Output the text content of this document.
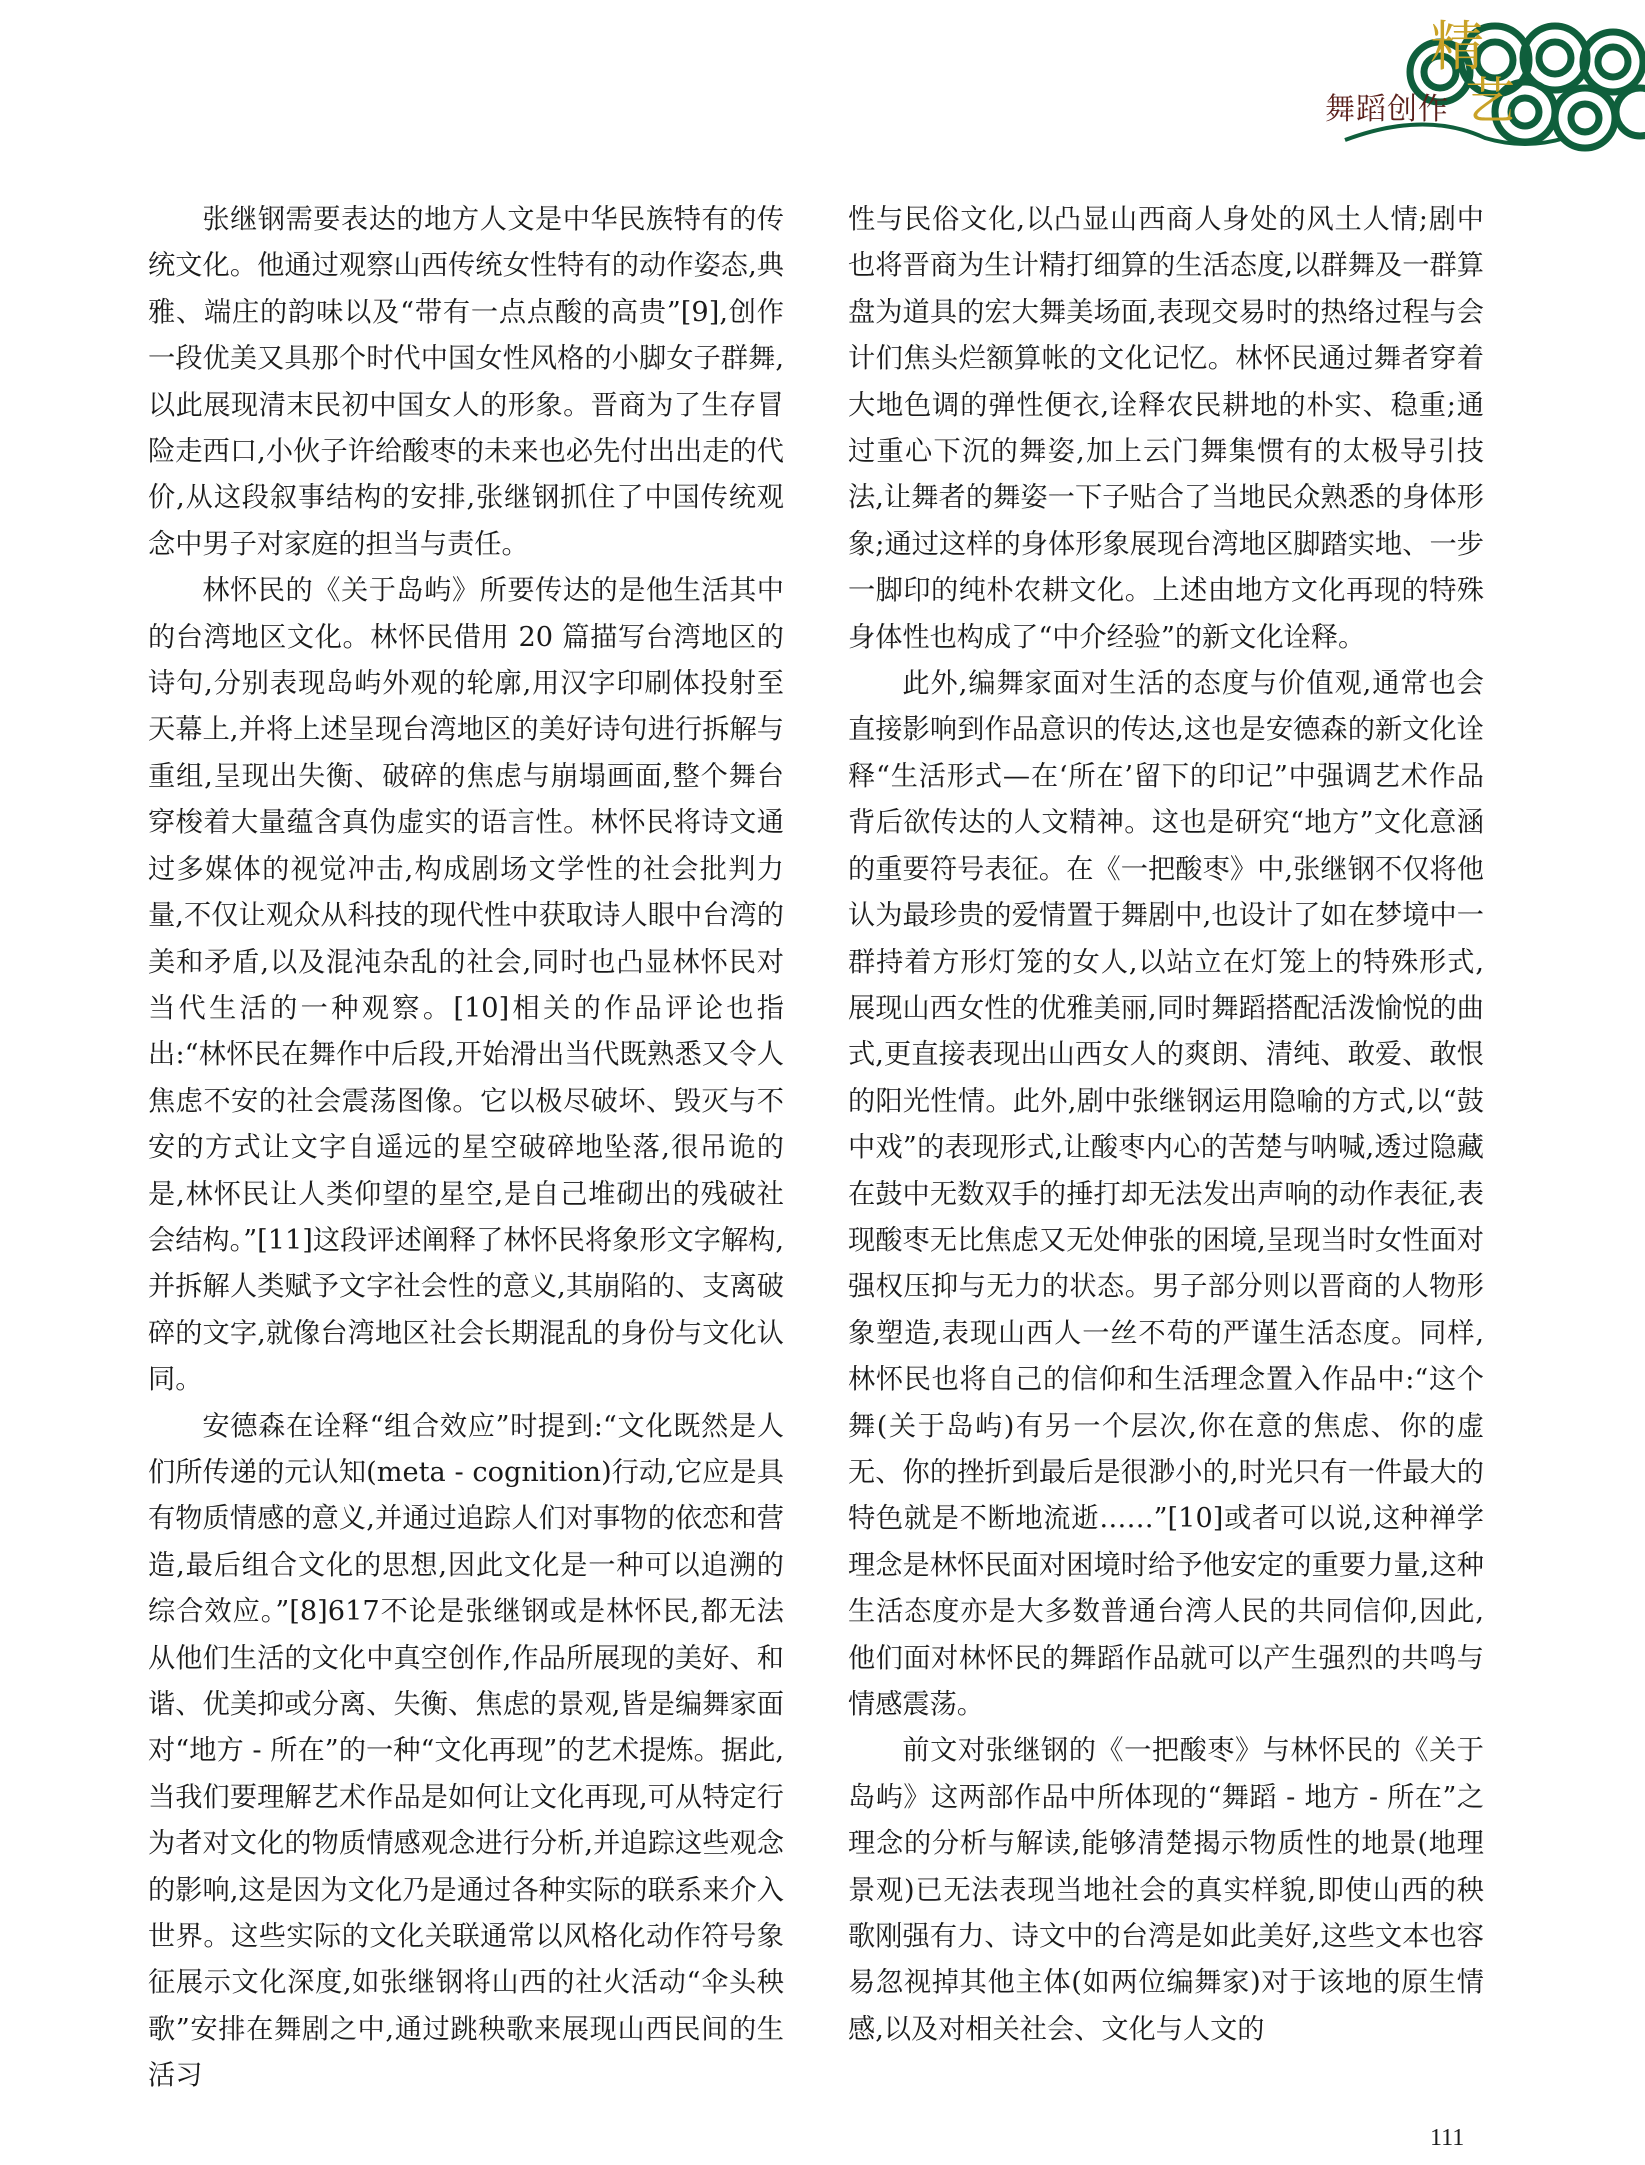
精
艺
舞蹈创作

张继钢需要表达的地方人文是中华民族特有的传统文化。他通过观察山西传统女性特有的动作姿态,典雅、端庄的韵味以及“带有一点点酸的高贵”[9],创作一段优美又具那个时代中国女性风格的小脚女子群舞,以此展现清末民初中国女人的形象。晋商为了生存冒险走西口,小伙子许给酸枣的未来也必先付出出走的代价,从这段叙事结构的安排,张继钢抓住了中国传统观念中男子对家庭的担当与责任。

林怀民的《关于岛屿》所要传达的是他生活其中的台湾地区文化。林怀民借用 20 篇描写台湾地区的诗句,分别表现岛屿外观的轮廓,用汉字印刷体投射至天幕上,并将上述呈现台湾地区的美好诗句进行拆解与重组,呈现出失衡、破碎的焦虑与崩塌画面,整个舞台穿梭着大量蕴含真伪虚实的语言性。林怀民将诗文通过多媒体的视觉冲击,构成剧场文学性的社会批判力量,不仅让观众从科技的现代性中获取诗人眼中台湾的美和矛盾,以及混沌杂乱的社会,同时也凸显林怀民对当代生活的一种观察。[10]相关的作品评论也指出:“林怀民在舞作中后段,开始滑出当代既熟悉又令人焦虑不安的社会震荡图像。它以极尽破坏、毁灭与不安的方式让文字自遥远的星空破碎地坠落,很吊诡的是,林怀民让人类仰望的星空,是自己堆砌出的残破社会结构。”[11]这段评述阐释了林怀民将象形文字解构,并拆解人类赋予文字社会性的意义,其崩陷的、支离破碎的文字,就像台湾地区社会长期混乱的身份与文化认同。

安德森在诠释“组合效应”时提到:“文化既然是人们所传递的元认知(meta - cognition)行动,它应是具有物质情感的意义,并通过追踪人们对事物的依恋和营造,最后组合文化的思想,因此文化是一种可以追溯的综合效应。”[8]617不论是张继钢或是林怀民,都无法从他们生活的文化中真空创作,作品所展现的美好、和谐、优美抑或分离、失衡、焦虑的景观,皆是编舞家面对“地方 - 所在”的一种“文化再现”的艺术提炼。据此,当我们要理解艺术作品是如何让文化再现,可从特定行为者对文化的物质情感观念进行分析,并追踪这些观念的影响,这是因为文化乃是通过各种实际的联系来介入世界。这些实际的文化关联通常以风格化动作符号象征展示文化深度,如张继钢将山西的社火活动“伞头秧歌”安排在舞剧之中,通过跳秧歌来展现山西民间的生活习

性与民俗文化,以凸显山西商人身处的风土人情;剧中也将晋商为生计精打细算的生活态度,以群舞及一群算盘为道具的宏大舞美场面,表现交易时的热络过程与会计们焦头烂额算帐的文化记忆。林怀民通过舞者穿着大地色调的弹性便衣,诠释农民耕地的朴实、稳重;通过重心下沉的舞姿,加上云门舞集惯有的太极导引技法,让舞者的舞姿一下子贴合了当地民众熟悉的身体形象;通过这样的身体形象展现台湾地区脚踏实地、一步一脚印的纯朴农耕文化。上述由地方文化再现的特殊身体性也构成了“中介经验”的新文化诠释。

此外,编舞家面对生活的态度与价值观,通常也会直接影响到作品意识的传达,这也是安德森的新文化诠释“生活形式—在‘所在’留下的印记”中强调艺术作品背后欲传达的人文精神。这也是研究“地方”文化意涵的重要符号表征。在《一把酸枣》中,张继钢不仅将他认为最珍贵的爱情置于舞剧中,也设计了如在梦境中一群持着方形灯笼的女人,以站立在灯笼上的特殊形式,展现山西女性的优雅美丽,同时舞蹈搭配活泼愉悦的曲式,更直接表现出山西女人的爽朗、清纯、敢爱、敢恨的阳光性情。此外,剧中张继钢运用隐喻的方式,以“鼓中戏”的表现形式,让酸枣内心的苦楚与呐喊,透过隐藏在鼓中无数双手的捶打却无法发出声响的动作表征,表现酸枣无比焦虑又无处伸张的困境,呈现当时女性面对强权压抑与无力的状态。男子部分则以晋商的人物形象塑造,表现山西人一丝不苟的严谨生活态度。同样,林怀民也将自己的信仰和生活理念置入作品中:“这个舞(关于岛屿)有另一个层次,你在意的焦虑、你的虚无、你的挫折到最后是很渺小的,时光只有一件最大的特色就是不断地流逝……”[10]或者可以说,这种禅学理念是林怀民面对困境时给予他安定的重要力量,这种生活态度亦是大多数普通台湾人民的共同信仰,因此,他们面对林怀民的舞蹈作品就可以产生强烈的共鸣与情感震荡。

前文对张继钢的《一把酸枣》与林怀民的《关于岛屿》这两部作品中所体现的“舞蹈 - 地方 - 所在”之理念的分析与解读,能够清楚揭示物质性的地景(地理景观)已无法表现当地社会的真实样貌,即使山西的秧歌刚强有力、诗文中的台湾是如此美好,这些文本也容易忽视掉其他主体(如两位编舞家)对于该地的原生情感,以及对相关社会、文化与人文的

111
